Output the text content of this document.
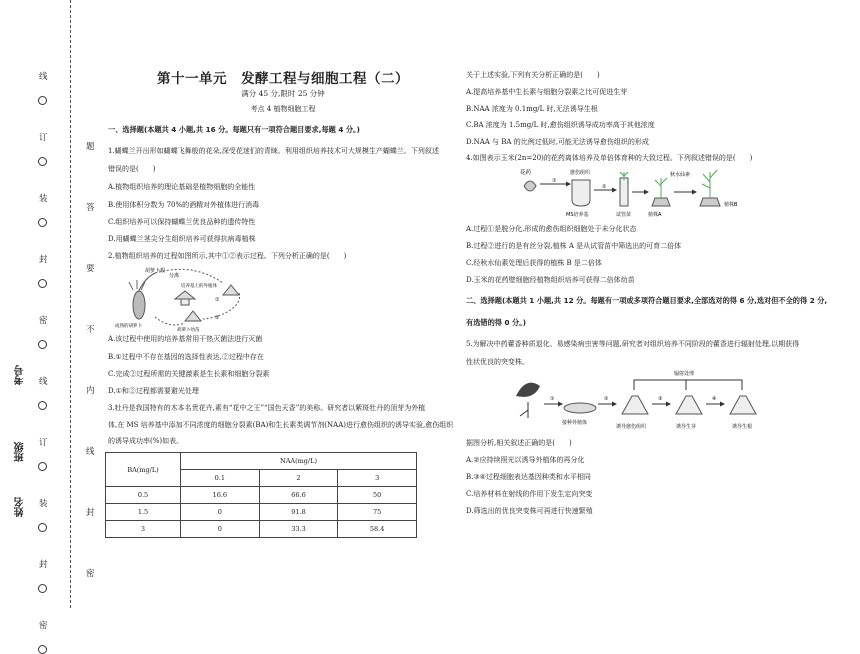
姓名
班级
考号
线
订
装
封
密
线
订
装
封
密
题
答
要
不
内
线
封
密
第十一单元　发酵工程与细胞工程（二）
满分 45 分,限时 25 分钟
考点 4 植物细胞工程
一、选择题(本题共 4 小题,共 16 分。每题只有一项符合题目要求,每题 4 分。)
1.蝴蝶兰开出形如蝴蝶飞舞般的花朵,深受花迷们的青睐。利用组织培养技术可大规模生产蝴蝶兰。下列叙述
错误的是(　　)
A.植物组织培养的理论基础是植物细胞的全能性
B.使用体积分数为 70%的酒精对外植体进行消毒
C.组织培养可以保持蝴蝶兰优良品种的遗传特性
D.用蝴蝶兰茎尖分生组织培养可获得抗病毒植株
2.植物组织培养的过程如图所示,其中①②表示过程。下列分析正确的是(　　)
胡萝卜根
分离
培养基上的外植体
成熟的胡萝卜
①
②
胡萝卜幼苗
A.该过程中使用的培养基常用干热灭菌法进行灭菌
B.①过程中不存在基因的选择性表达,②过程中存在
C.完成②过程所需的关键激素是生长素和细胞分裂素
D.①和②过程都需要避光处理
3.牡丹是我国特有的木本名贵花卉,素有“花中之王”“国色天香”的美称。研究者以紫斑牡丹的顶芽为外植
体,在 MS 培养基中添加不同浓度的细胞分裂素(BA)和生长素类调节剂(NAA)进行愈伤组织的诱导实验,愈伤组织
的诱导成功率(%)如表。
BA(mg/L)	NAA(mg/L)		
	0.1	2	3
0.5	16.6	66.6	50
1.5	0	91.8	75
3	0	33.3	58.4
关于上述实验,下列有关分析正确的是(　　)
A.提高培养基中生长素与细胞分裂素之比可促进生芽
B.NAA 浓度为 0.1mg/L 时,无法诱导生根
C.BA 浓度为 1.5mg/L 时,愈伤组织诱导成功率高于其他浓度
D.NAA 与 BA 的比例过低时,可能无法诱导愈伤组织的形成
4.如图表示玉米(2n=20)的花药离体培养及单倍体育种的大致过程。下列叙述错误的是(　　)
花药
①
愈伤组织
MS培养基
②
试管苗	植株A
秋水仙素
植株B
A.过程①是脱分化,形成的愈伤组织细胞处于未分化状态
B.过程②进行的是有丝分裂,植株 A 是从试管苗中筛选出的可育二倍体
C.经秋水仙素处理后获得的植株 B 是二倍体
D.玉米的花药壁细胞经植物组织培养可获得二倍体幼苗
二、选择题(本题共 1 小题,共 12 分。每题有一项或多项符合题目要求,全部选对的得 6 分,选对但不全的得 2 分,
有选错的得 0 分。)
5.为解决中药藿香种质退化、易感染病虫害等问题,研究者对组织培养不同阶段的藿香进行辐射处理,以期获得
性状优良的突变株。
①
接种外植体
②
诱导愈伤组织
③
诱导生芽
④
诱导生根
辐射处理
据图分析,相关叙述正确的是(　　)
A.②应持续照光以诱导外植体的再分化
B.③④过程细胞表达基因种类和水平相同
C.培养材料在射线的作用下发生定向突变
D.筛选出的优良突变株可再进行快速繁殖
